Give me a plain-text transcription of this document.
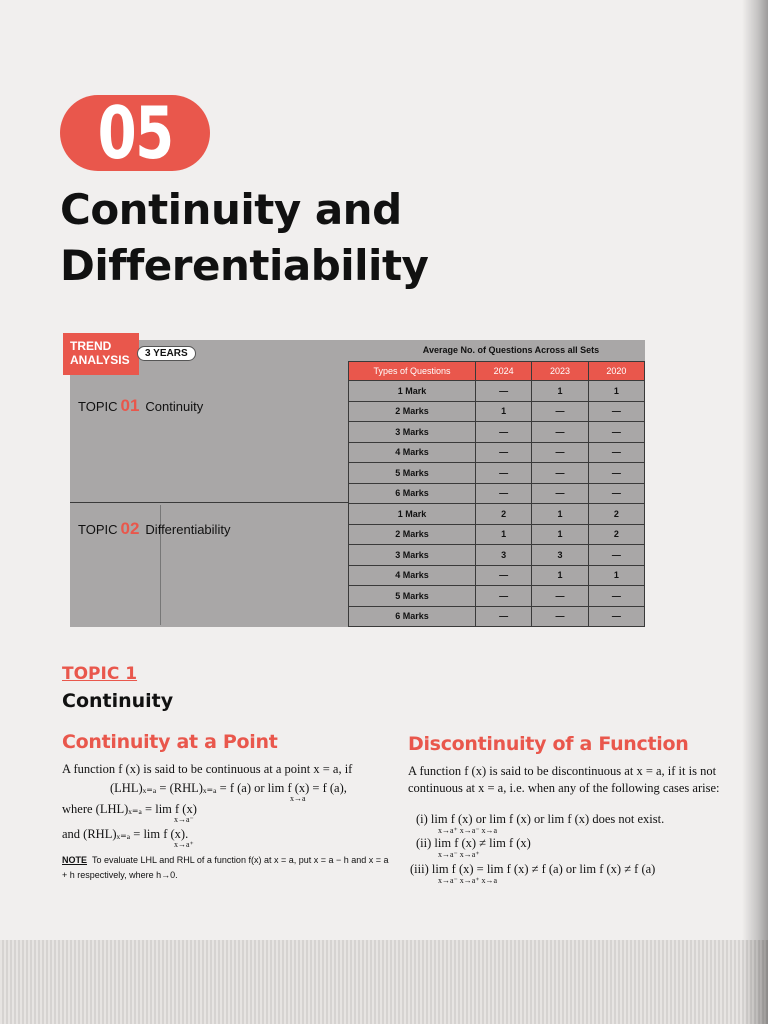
05
Continuity and
Differentiability
TREND
ANALYSIS	3 YEARS	Average No. of Questions Across all Sets
Types of Questions	2024	2023	2020
1 Mark	—	1	1
2 Marks	1	—	—
3 Marks	—	—	—
4 Marks	—	—	—
5 Marks	—	—	—
6 Marks	—	—	—
1 Mark	2	1	2
2 Marks	1	1	2
3 Marks	3	3	—
4 Marks	—	1	1
5 Marks	—	—	—
6 Marks	—	—	—
TOPIC 01 Continuity
TOPIC 02 Differentiability
TOPIC 1
Continuity
Continuity at a Point
A function f (x) is said to be continuous at a point x = a, if
(LHL)ₓ₌ₐ = (RHL)ₓ₌ₐ = f (a) or lim f (x) = f (a),
x→a
where (LHL)ₓ₌ₐ = lim f (x)
x→a⁻
and (RHL)ₓ₌ₐ = lim f (x).
x→a⁺
NOTE To evaluate LHL and RHL of a function f(x) at x = a, put x = a − h and x = a + h respectively, where h→0.
Discontinuity of a Function
A function f (x) is said to be discontinuous at x = a, if it is not continuous at x = a, i.e. when any of the following cases arise:
(i) lim f (x) or lim f (x) or lim f (x) does not exist.
x→a⁺ x→a⁻ x→a
(ii) lim f (x) ≠ lim f (x)
x→a⁻ x→a⁺
(iii) lim f (x) = lim f (x) ≠ f (a) or lim f (x) ≠ f (a)
x→a⁻ x→a⁺ x→a
